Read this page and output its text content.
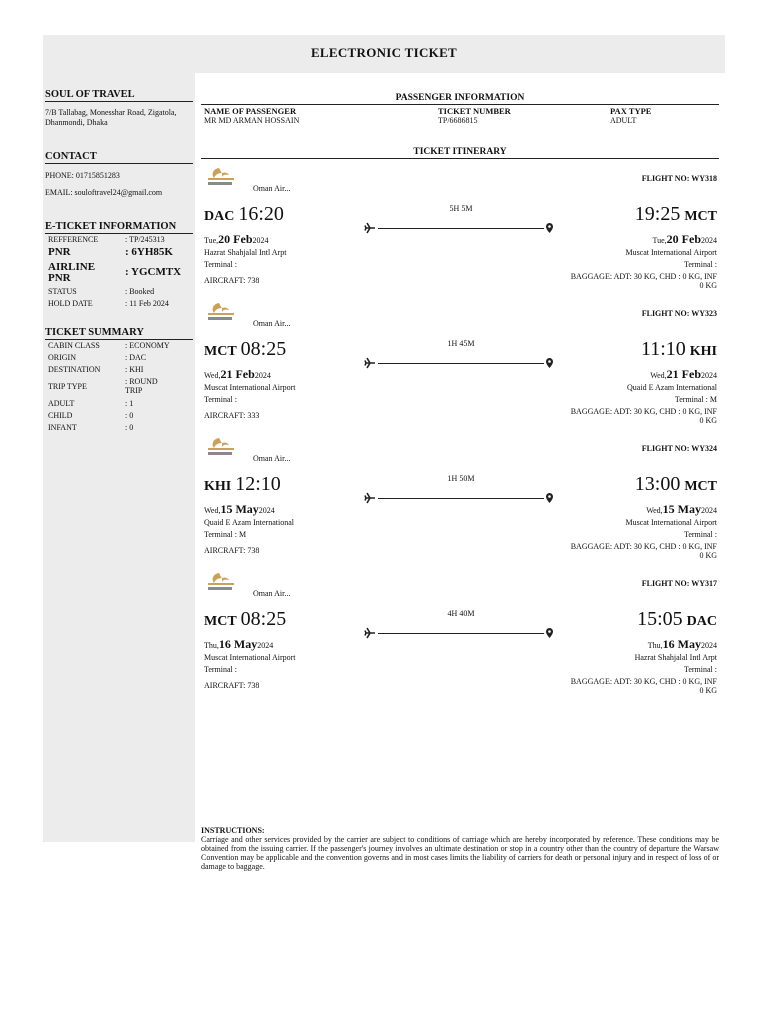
ELECTRONIC TICKET
SOUL OF TRAVEL
7/B Tallabag, Monesshar Road, Zigatola, Dhanmondi, Dhaka
CONTACT
PHONE: 01715851283
EMAIL: souloftravel24@gmail.com
E-TICKET INFORMATION
REFFERENCE	: TP/245313
PNR	: 6YH85K
AIRLINE PNR	: YGCMTX
STATUS	: Booked
HOLD DATE	: 11 Feb 2024
TICKET SUMMARY
CABIN CLASS	: ECONOMY
ORIGIN	: DAC
DESTINATION	: KHI
TRIP TYPE
: ROUND TRIP
ADULT	: 1
CHILD	: 0
INFANT	: 0
PASSENGER INFORMATION
NAME OF PASSENGER
MR MD ARMAN HOSSAIN
TICKET NUMBER
TP/6686815
PAX TYPE
ADULT
TICKET ITINERARY
Oman Air...
FLIGHT NO: WY318
DAC 16:20	5H 5M	19:25 MCT
Tue,20 Feb2024	Tue,20 Feb2024
Hazrat Shahjalal Intl Arpt	Muscat International Airport
Terminal :	Terminal :
AIRCRAFT: 738	BAGGAGE: ADT: 30 KG, CHD : 0 KG, INF 0 KG
Oman Air...
FLIGHT NO: WY323
MCT 08:25	1H 45M	11:10 KHI
Wed,21 Feb2024	Wed,21 Feb2024
Muscat International Airport	Quaid E Azam International
Terminal :	Terminal : M
AIRCRAFT: 333	BAGGAGE: ADT: 30 KG, CHD : 0 KG, INF 0 KG
Oman Air...
FLIGHT NO: WY324
KHI 12:10	1H 50M	13:00 MCT
Wed,15 May2024	Wed,15 May2024
Quaid E Azam International	Muscat International Airport
Terminal : M	Terminal :
AIRCRAFT: 738	BAGGAGE: ADT: 30 KG, CHD : 0 KG, INF 0 KG
Oman Air...
FLIGHT NO: WY317
MCT 08:25	4H 40M	15:05 DAC
Thu,16 May2024	Thu,16 May2024
Muscat International Airport	Hazrat Shahjalal Intl Arpt
Terminal :	Terminal :
AIRCRAFT: 738	BAGGAGE: ADT: 30 KG, CHD : 0 KG, INF 0 KG
INSTRUCTIONS:
Carriage and other services provided by the carrier are subject to conditions of carriage which are hereby incorporated by reference. These conditions may be obtained from the issuing carrier. If the passenger's journey involves an ultimate destination or stop in a country other than the country of departure the Warsaw Convention may be applicable and the convention governs and in most cases limits the liability of carriers for death or personal injury and in respect of loss of or damage to baggage.
